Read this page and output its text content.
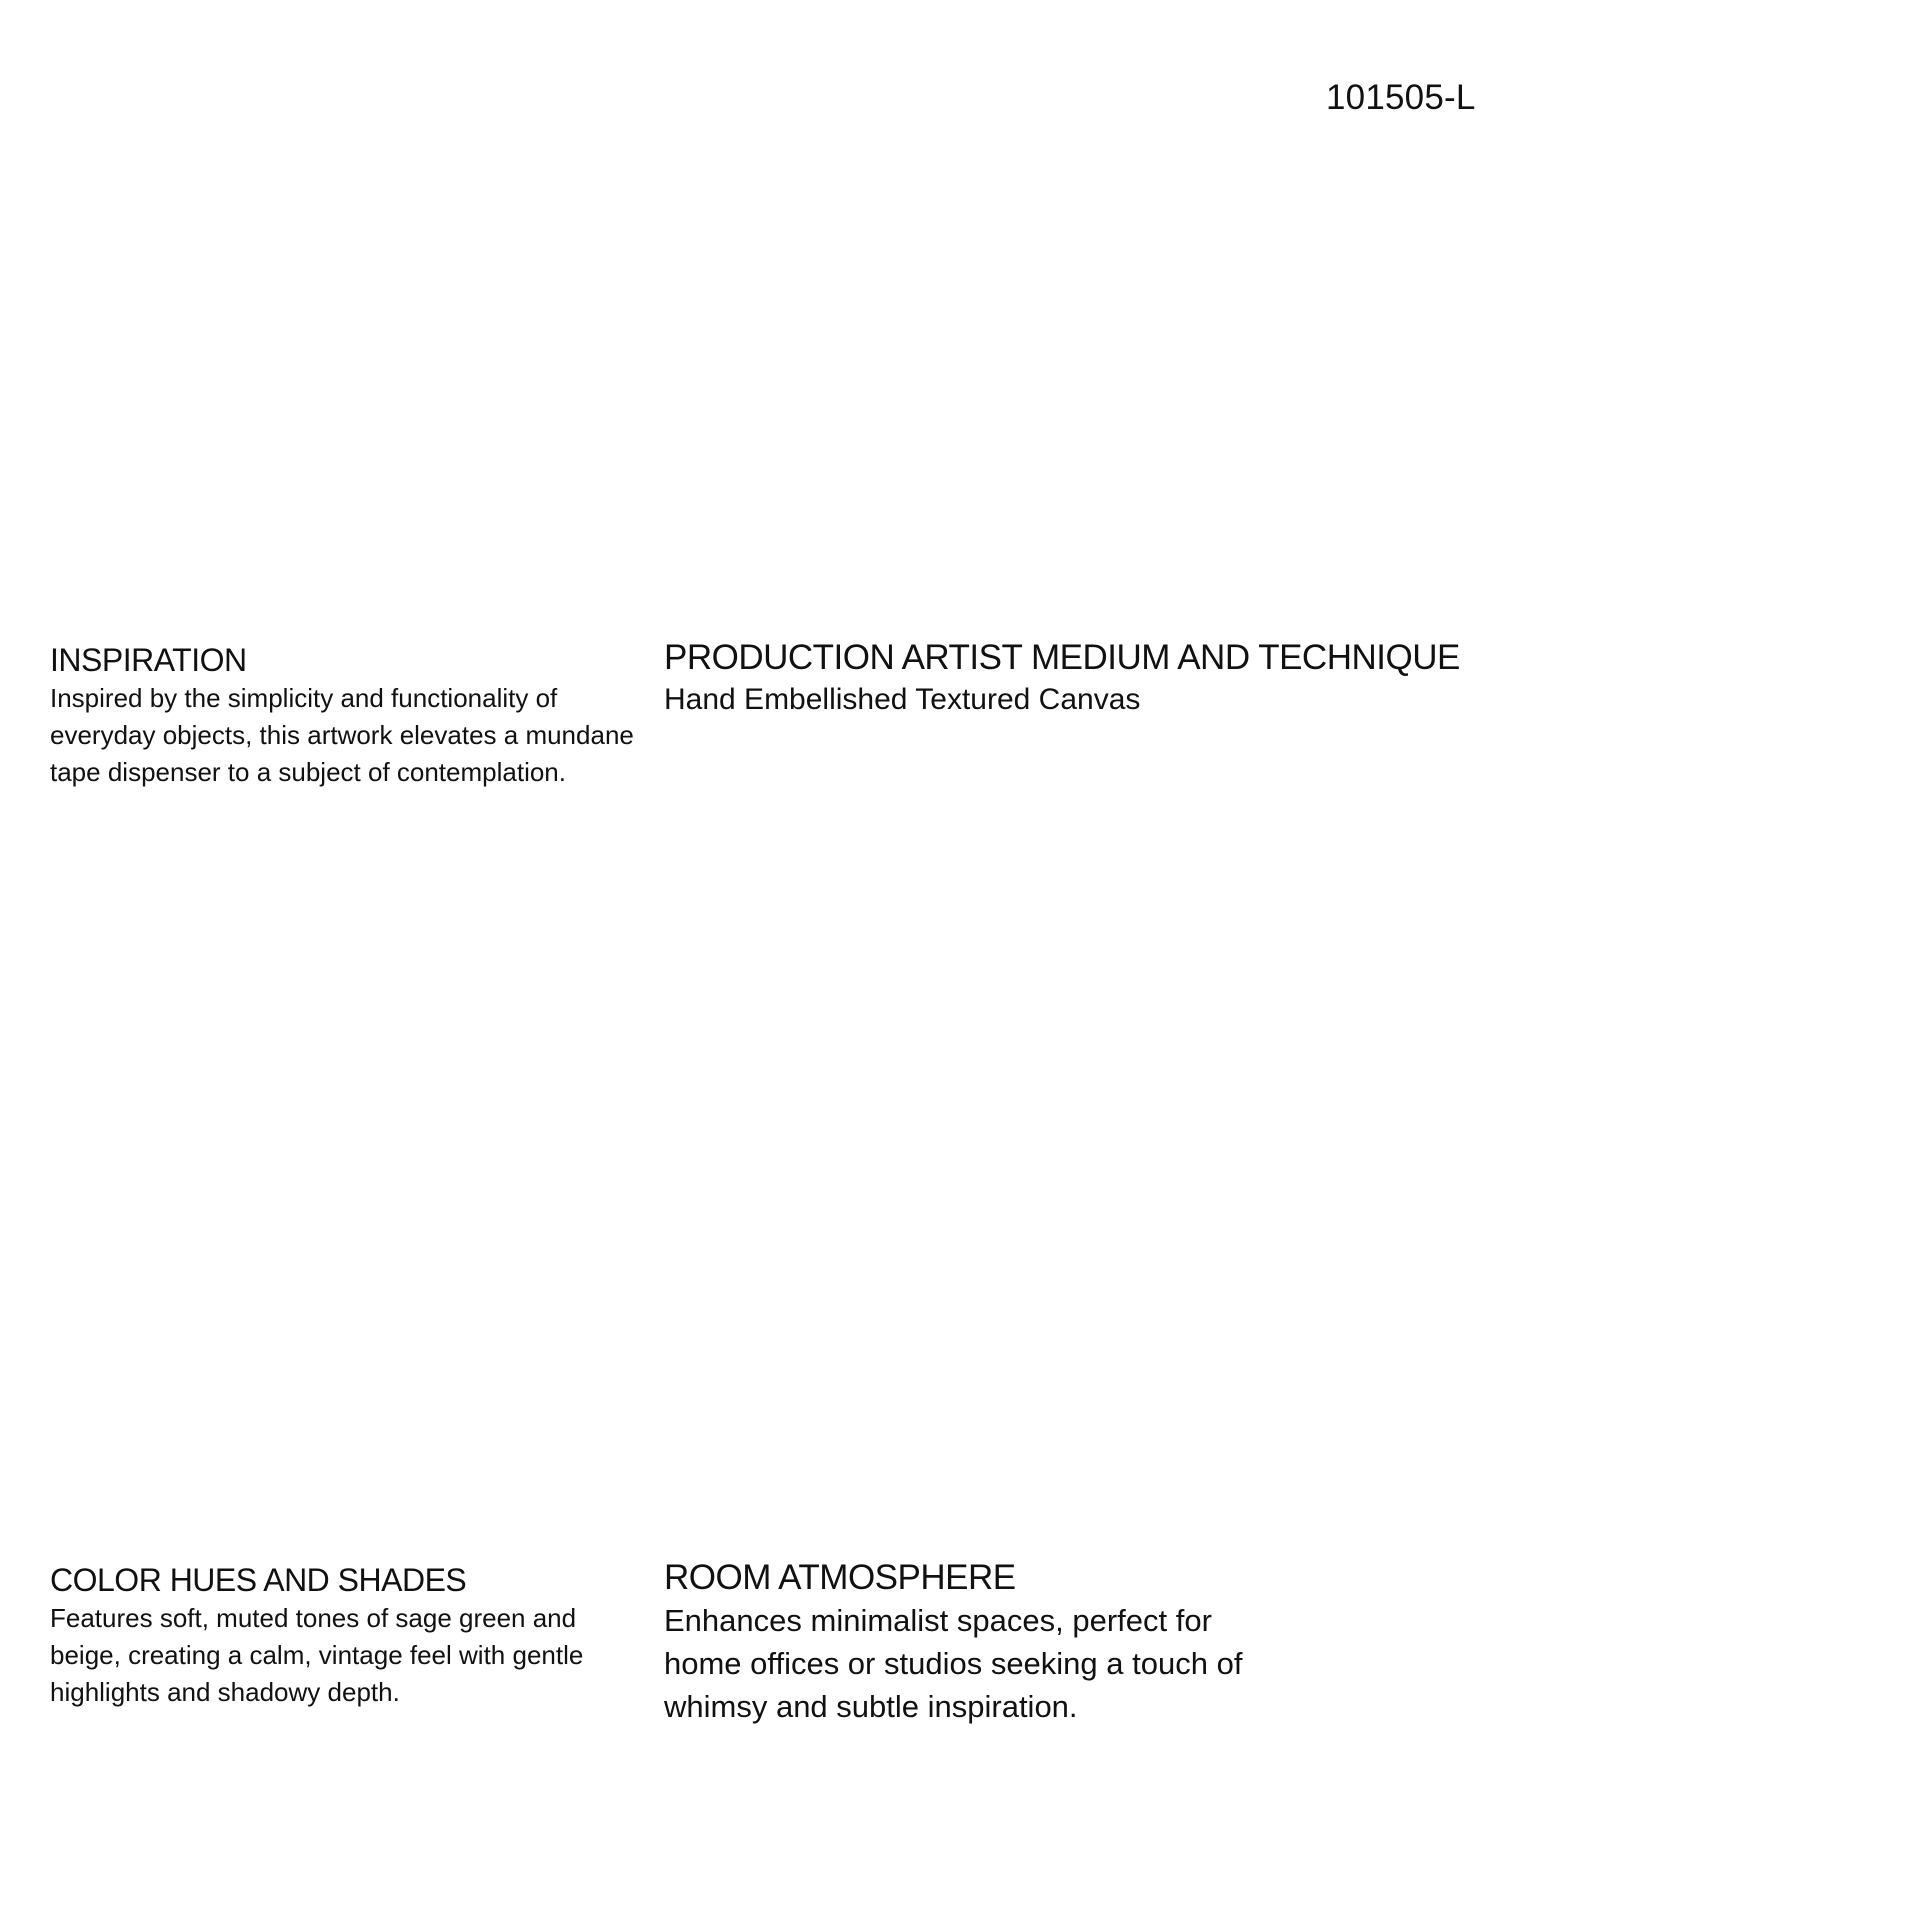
101505-L
INSPIRATION

Inspired by the simplicity and functionality of everyday objects, this artwork elevates a mundane tape dispenser to a subject of contemplation.

PRODUCTION ARTIST MEDIUM AND TECHNIQUE

Hand Embellished Textured Canvas

COLOR HUES AND SHADES

Features soft, muted tones of sage green and beige, creating a calm, vintage feel with gentle highlights and shadowy depth.

ROOM ATMOSPHERE

Enhances minimalist spaces, perfect for home offices or studios seeking a touch of whimsy and subtle inspiration.
